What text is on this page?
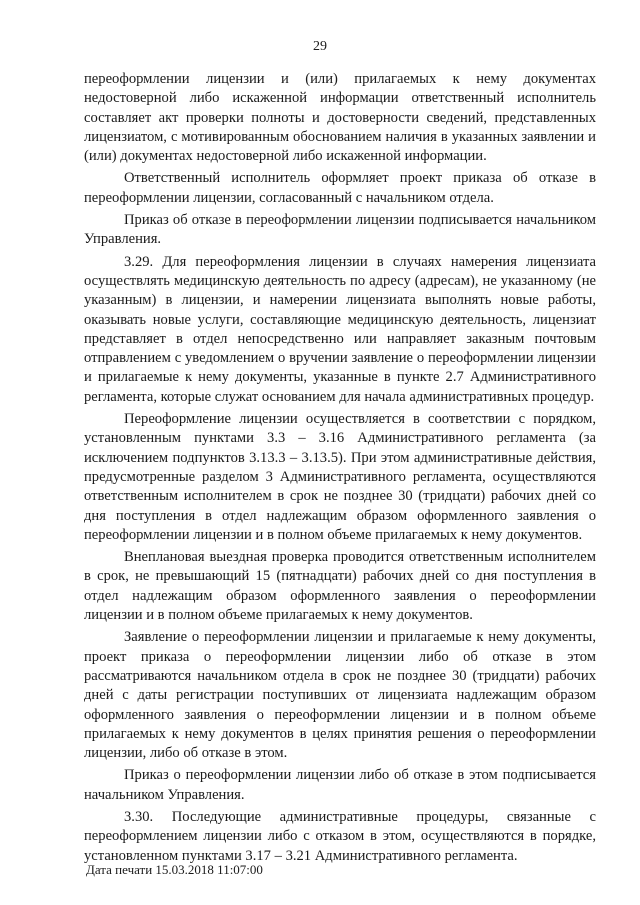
29

переоформлении лицензии и (или) прилагаемых к нему документах недостоверной либо искаженной информации ответственный исполнитель составляет акт проверки полноты и достоверности сведений, представленных лицензиатом, с мотивированным обоснованием наличия в указанных заявлении и (или) документах недостоверной либо искаженной информации.

Ответственный исполнитель оформляет проект приказа об отказе в переоформлении лицензии, согласованный с начальником отдела.

Приказ об отказе в переоформлении лицензии подписывается начальником Управления.

3.29. Для переоформления лицензии в случаях намерения лицензиата осуществлять медицинскую деятельность по адресу (адресам), не указанному (не указанным) в лицензии, и намерении лицензиата выполнять новые работы, оказывать новые услуги, составляющие медицинскую деятельность, лицензиат представляет в отдел непосредственно или направляет заказным почтовым отправлением с уведомлением о вручении заявление о переоформлении лицензии и прилагаемые к нему документы, указанные в пункте 2.7 Административного регламента, которые служат основанием для начала административных процедур.

Переоформление лицензии осуществляется в соответствии с порядком, установленным пунктами 3.3 – 3.16 Административного регламента (за исключением подпунктов 3.13.3 – 3.13.5). При этом административные действия, предусмотренные разделом 3 Административного регламента, осуществляются ответственным исполнителем в срок не позднее 30 (тридцати) рабочих дней со дня поступления в отдел надлежащим образом оформленного заявления о переоформлении лицензии и в полном объеме прилагаемых к нему документов.

Внеплановая выездная проверка проводится ответственным исполнителем в срок, не превышающий 15 (пятнадцати) рабочих дней со дня поступления в отдел надлежащим образом оформленного заявления о переоформлении лицензии и в полном объеме прилагаемых к нему документов.

Заявление о переоформлении лицензии и прилагаемые к нему документы, проект приказа о переоформлении лицензии либо об отказе в этом рассматриваются начальником отдела в срок не позднее 30 (тридцати) рабочих дней с даты регистрации поступивших от лицензиата надлежащим образом оформленного заявления о переоформлении лицензии и в полном объеме прилагаемых к нему документов в целях принятия решения о переоформлении лицензии, либо об отказе в этом.

Приказ о переоформлении лицензии либо об отказе в этом подписывается начальником Управления.

3.30. Последующие административные процедуры, связанные с переоформлением лицензии либо с отказом в этом, осуществляются в порядке, установленном пунктами 3.17 – 3.21 Административного регламента.

Дата печати 15.03.2018 11:07:00
